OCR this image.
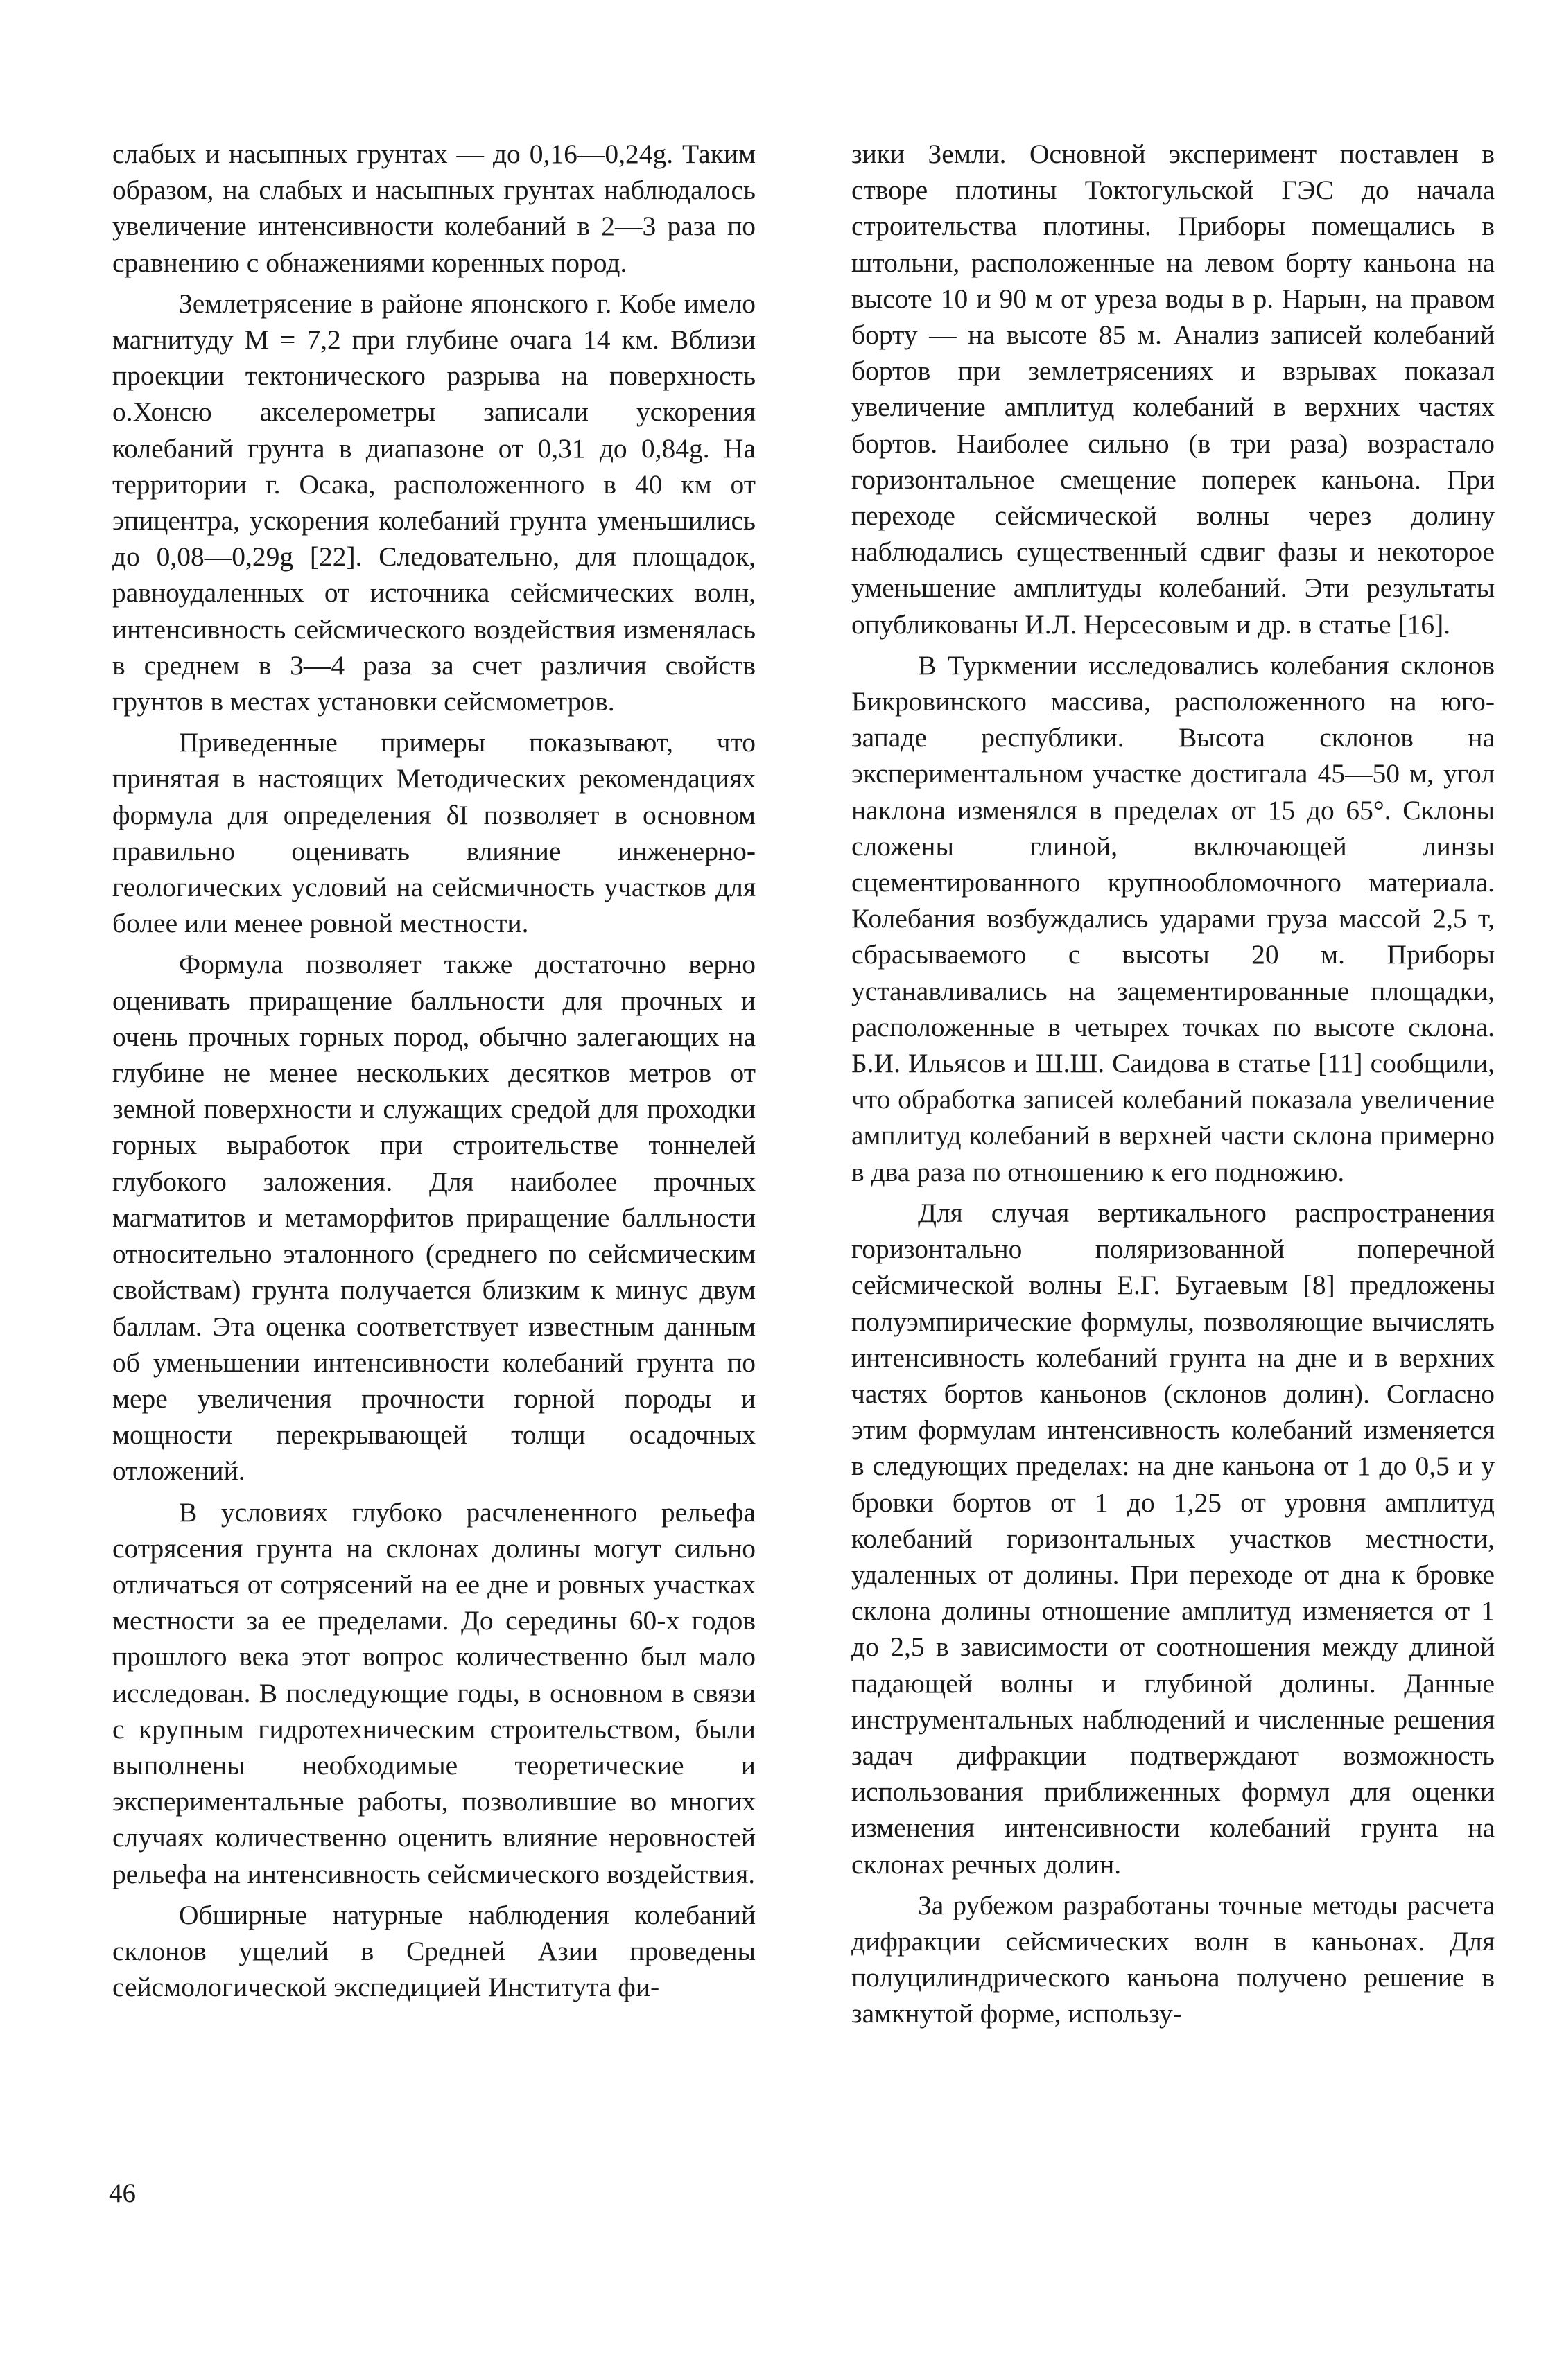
слабых и насыпных грунтах — до 0,16—0,24g. Таким образом, на слабых и насыпных грунтах наблюдалось увеличение интенсивности колебаний в 2—3 раза по сравнению с обнажениями коренных пород.

Землетрясение в районе японского г. Кобе имело магнитуду M = 7,2 при глубине очага 14 км. Вблизи проекции тектонического разрыва на поверхность о.Хонсю акселерометры записали ускорения колебаний грунта в диапазоне от 0,31 до 0,84g. На территории г. Осака, расположенного в 40 км от эпицентра, ускорения колебаний грунта уменьшились до 0,08—0,29g [22]. Следовательно, для площадок, равноудаленных от источника сейсмических волн, интенсивность сейсмического воздействия изменялась в среднем в 3—4 раза за счет различия свойств грунтов в местах установки сейсмометров.

Приведенные примеры показывают, что принятая в настоящих Методических рекомендациях формула для определения δI позволяет в основном правильно оценивать влияние инженерно-геологических условий на сейсмичность участков для более или менее ровной местности.

Формула позволяет также достаточно верно оценивать приращение балльности для прочных и очень прочных горных пород, обычно залегающих на глубине не менее нескольких десятков метров от земной поверхности и служащих средой для проходки горных выработок при строительстве тоннелей глубокого заложения. Для наиболее прочных магматитов и метаморфитов приращение балльности относительно эталонного (среднего по сейсмическим свойствам) грунта получается близким к минус двум баллам. Эта оценка соответствует известным данным об уменьшении интенсивности колебаний грунта по мере увеличения прочности горной породы и мощности перекрывающей толщи осадочных отложений.

В условиях глубоко расчлененного рельефа сотрясения грунта на склонах долины могут сильно отличаться от сотрясений на ее дне и ровных участках местности за ее пределами. До середины 60-х годов прошлого века этот вопрос количественно был мало исследован. В последующие годы, в основном в связи с крупным гидротехническим строительством, были выполнены необходимые теоретические и экспериментальные работы, позволившие во многих случаях количественно оценить влияние неровностей рельефа на интенсивность сейсмического воздействия.

Обширные натурные наблюдения колебаний склонов ущелий в Средней Азии проведены сейсмологической экспедицией Института фи-

зики Земли. Основной эксперимент поставлен в створе плотины Токтогульской ГЭС до начала строительства плотины. Приборы помещались в штольни, расположенные на левом борту каньона на высоте 10 и 90 м от уреза воды в р. Нарын, на правом борту — на высоте 85 м. Анализ записей колебаний бортов при землетрясениях и взрывах показал увеличение амплитуд колебаний в верхних частях бортов. Наиболее сильно (в три раза) возрастало горизонтальное смещение поперек каньона. При переходе сейсмической волны через долину наблюдались существенный сдвиг фазы и некоторое уменьшение амплитуды колебаний. Эти результаты опубликованы И.Л. Нерсесовым и др. в статье [16].

В Туркмении исследовались колебания склонов Бикровинского массива, расположенного на юго-западе республики. Высота склонов на экспериментальном участке достигала 45—50 м, угол наклона изменялся в пределах от 15 до 65°. Склоны сложены глиной, включающей линзы сцементированного крупнообломочного материала. Колебания возбуждались ударами груза массой 2,5 т, сбрасываемого с высоты 20 м. Приборы устанавливались на зацементированные площадки, расположенные в четырех точках по высоте склона. Б.И. Ильясов и Ш.Ш. Саидова в статье [11] сообщили, что обработка записей колебаний показала увеличение амплитуд колебаний в верхней части склона примерно в два раза по отношению к его подножию.

Для случая вертикального распространения горизонтально поляризованной поперечной сейсмической волны Е.Г. Бугаевым [8] предложены полуэмпирические формулы, позволяющие вычислять интенсивность колебаний грунта на дне и в верхних частях бортов каньонов (склонов долин). Согласно этим формулам интенсивность колебаний изменяется в следующих пределах: на дне каньона от 1 до 0,5 и у бровки бортов от 1 до 1,25 от уровня амплитуд колебаний горизонтальных участков местности, удаленных от долины. При переходе от дна к бровке склона долины отношение амплитуд изменяется от 1 до 2,5 в зависимости от соотношения между длиной падающей волны и глубиной долины. Данные инструментальных наблюдений и численные решения задач дифракции подтверждают возможность использования приближенных формул для оценки изменения интенсивности колебаний грунта на склонах речных долин.

За рубежом разработаны точные методы расчета дифракции сейсмических волн в каньонах. Для полуцилиндрического каньона получено решение в замкнутой форме, использу-

46
